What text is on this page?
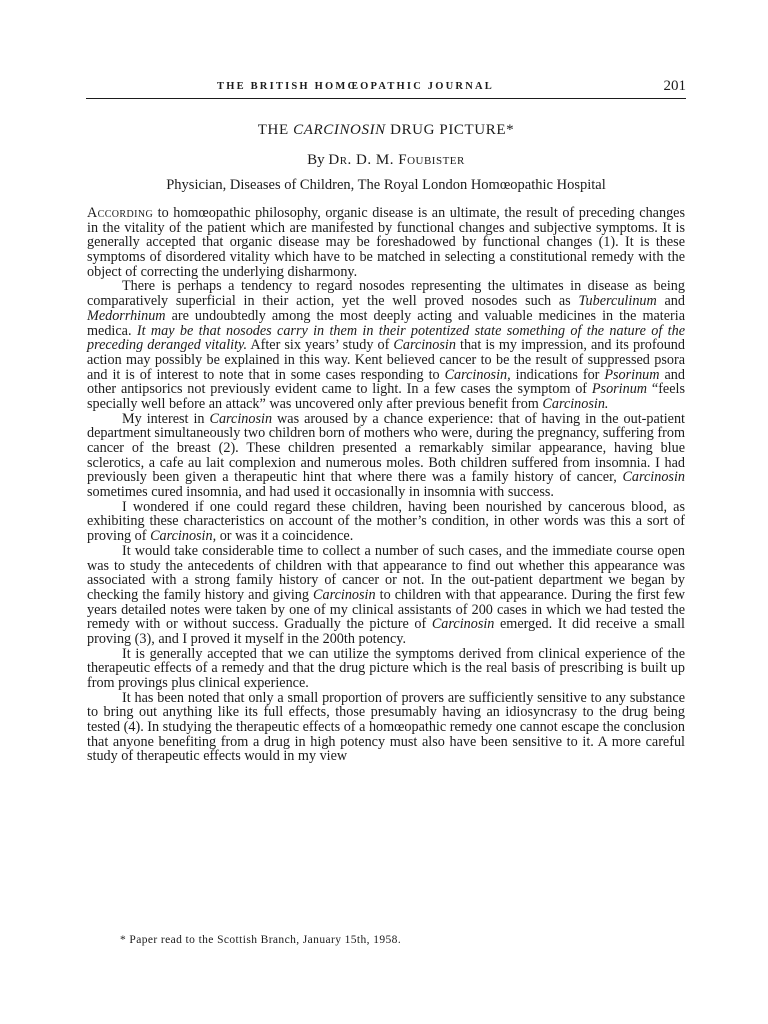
THE BRITISH HOMŒOPATHIC JOURNAL	201
THE CARCINOSIN DRUG PICTURE*
By Dr. D. M. Foubister
Physician, Diseases of Children, The Royal London Homœopathic Hospital

According to homœopathic philosophy, organic disease is an ultimate, the result of preceding changes in the vitality of the patient which are manifested by functional changes and subjective symptoms. It is generally accepted that organic disease may be foreshadowed by functional changes (1). It is these symptoms of disordered vitality which have to be matched in selecting a constitutional remedy with the object of correcting the underlying disharmony.

There is perhaps a tendency to regard nosodes representing the ultimates in disease as being comparatively superficial in their action, yet the well proved nosodes such as Tuberculinum and Medorrhinum are undoubtedly among the most deeply acting and valuable medicines in the materia medica. It may be that nosodes carry in them in their potentized state something of the nature of the preceding deranged vitality. After six years’ study of Carcinosin that is my impression, and its profound action may possibly be explained in this way. Kent believed cancer to be the result of suppressed psora and it is of interest to note that in some cases responding to Carcinosin, indications for Psorinum and other antipsorics not previously evident came to light. In a few cases the symptom of Psorinum “feels specially well before an attack” was uncovered only after previous benefit from Carcinosin.

My interest in Carcinosin was aroused by a chance experience: that of having in the out-patient department simultaneously two children born of mothers who were, during the pregnancy, suffering from cancer of the breast (2). These children presented a remarkably similar appearance, having blue sclerotics, a cafe au lait complexion and numerous moles. Both children suffered from insomnia. I had previously been given a therapeutic hint that where there was a family history of cancer, Carcinosin sometimes cured insomnia, and had used it occasionally in insomnia with success.

I wondered if one could regard these children, having been nourished by cancerous blood, as exhibiting these characteristics on account of the mother’s condition, in other words was this a sort of proving of Carcinosin, or was it a coincidence.

It would take considerable time to collect a number of such cases, and the immediate course open was to study the antecedents of children with that appearance to find out whether this appearance was associated with a strong family history of cancer or not. In the out-patient department we began by checking the family history and giving Carcinosin to children with that appearance. During the first few years detailed notes were taken by one of my clinical assistants of 200 cases in which we had tested the remedy with or without success. Gradually the picture of Carcinosin emerged. It did receive a small proving (3), and I proved it myself in the 200th potency.

It is generally accepted that we can utilize the symptoms derived from clinical experience of the therapeutic effects of a remedy and that the drug picture which is the real basis of prescribing is built up from provings plus clinical experience.

It has been noted that only a small proportion of provers are sufficiently sensitive to any substance to bring out anything like its full effects, those presumably having an idiosyncrasy to the drug being tested (4). In studying the therapeutic effects of a homœopathic remedy one cannot escape the conclusion that anyone benefiting from a drug in high potency must also have been sensitive to it. A more careful study of therapeutic effects would in my view

* Paper read to the Scottish Branch, January 15th, 1958.
